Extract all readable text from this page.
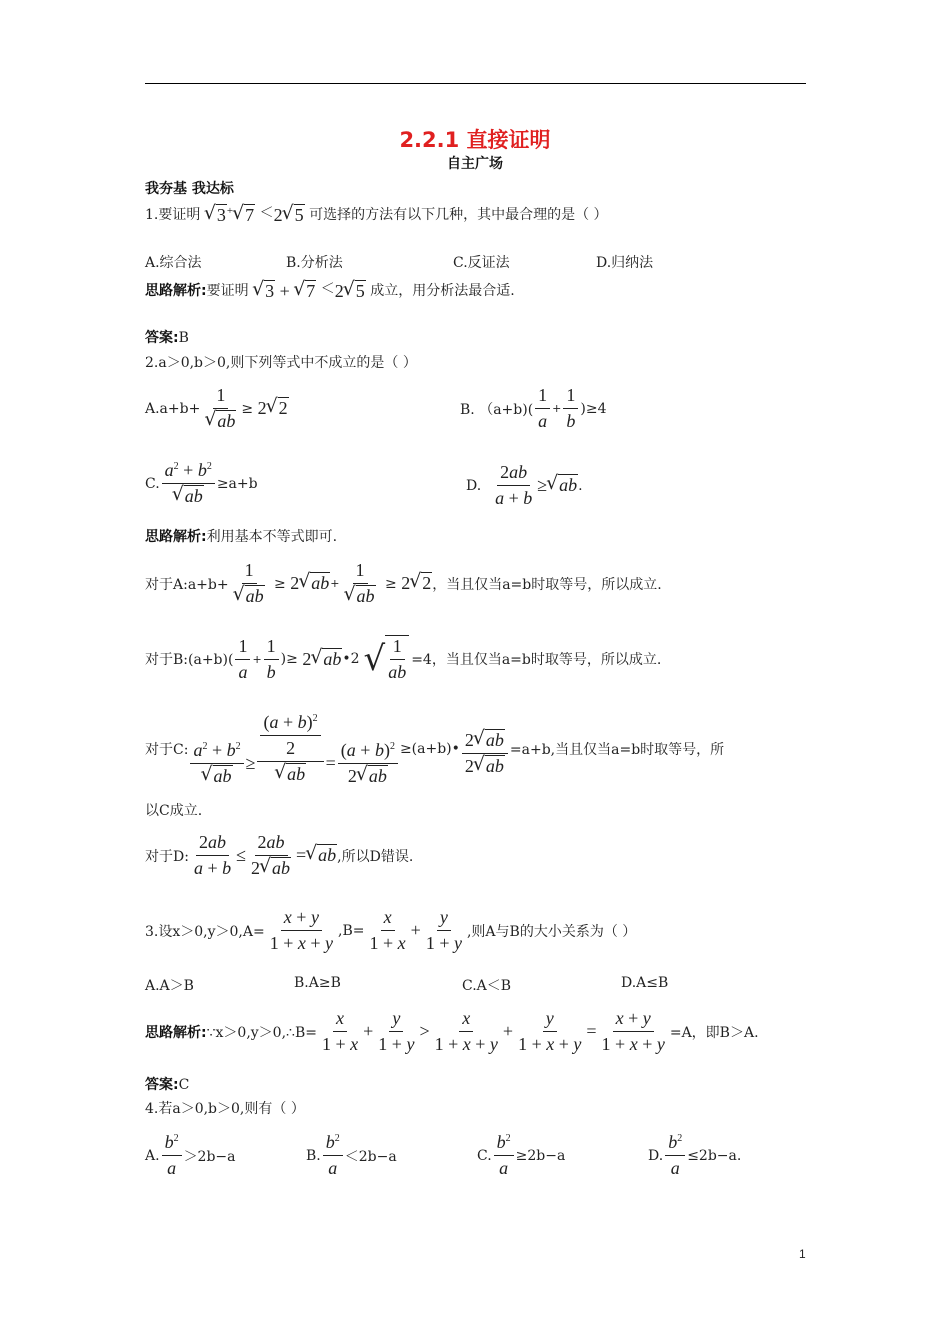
2.2.1 直接证明
自主广场
我夯基 我达标
1.要证明 √ 3+ √ 7 ＜2 √ 5 可选择的方法有以下几种，其中最合理的是（ ）
A.综合法	B.分析法	C.反证法	D.归纳法
思路解析: 要证明 √ 3 + √ 7 ＜2 √ 5 成立，用分析法最合适.
答案:B
2.a＞0,b＞0,则下列等式中不成立的是（ ）
A.a+b+ 1
√ ab ≥ 2 √ 2	B. $(a+b)( \frac{1}{a} + \frac{1}{b} )\ge 4$
C. $a^2 + b^2$
√ ab ≥a+b	D.
$\frac{2ab}{a + b}$ ≥ √ ab .
思路解析:利用基本不等式即可.
对于A:a+b+ 1
√ ab ≥ 2 √ ab + 1
√ ab ≥ 2 √ 2 ，当且仅当a=b时取等号，所以成立.
对于B:(a+b)( $\frac{1}{a} + \frac{1}{b}$ )≥ 2 √ ab •2 √ $\frac{1}{ab} =4$，当且仅当a=b时取等号，所以成立.
对于C: $a^2 + b^2$
√ ab ≥ $\frac{(a + b)^2}{2}$
√ ab = $\frac{(a + b)^2}{2 √ ab}$ ≥(a+b)• $\frac{2 √ ab}{2 √ ab} =a+b$,当且仅当a=b时取等号，所
以C成立.
对于D: $\frac{2ab}{a + b} \le \frac{2ab}{2 √ ab}$ = √ ab ,所以D错误.
3.设$x>0,y>0,A= \frac{x + y}{1 + x + y} ,B= \frac{x}{1 + x} + \frac{y}{1 + y}$ ,则A与B的大小关系为（ ）
A.A＞B	B.A≥B	C.A＜B	D.A≤B
思路解析: ∵x＞0,y＞0,∴B= $\frac{x}{1 + x} + \frac{y}{1 + y} > \frac{x}{1 + x + y} + \frac{y}{1 + x + y} = \frac{x + y}{1 + x + y} =A$，即B＞A.
答案:C
4.若a＞0,b＞0,则有（ ）
A. $\frac{b^2}{a} >2b-a$	B. $\frac{b^2}{a} <2b-a$	C. $\frac{b^2}{a} \ge 2b-a$	D. $\frac{b^2}{a} \le 2b-a$.
1
